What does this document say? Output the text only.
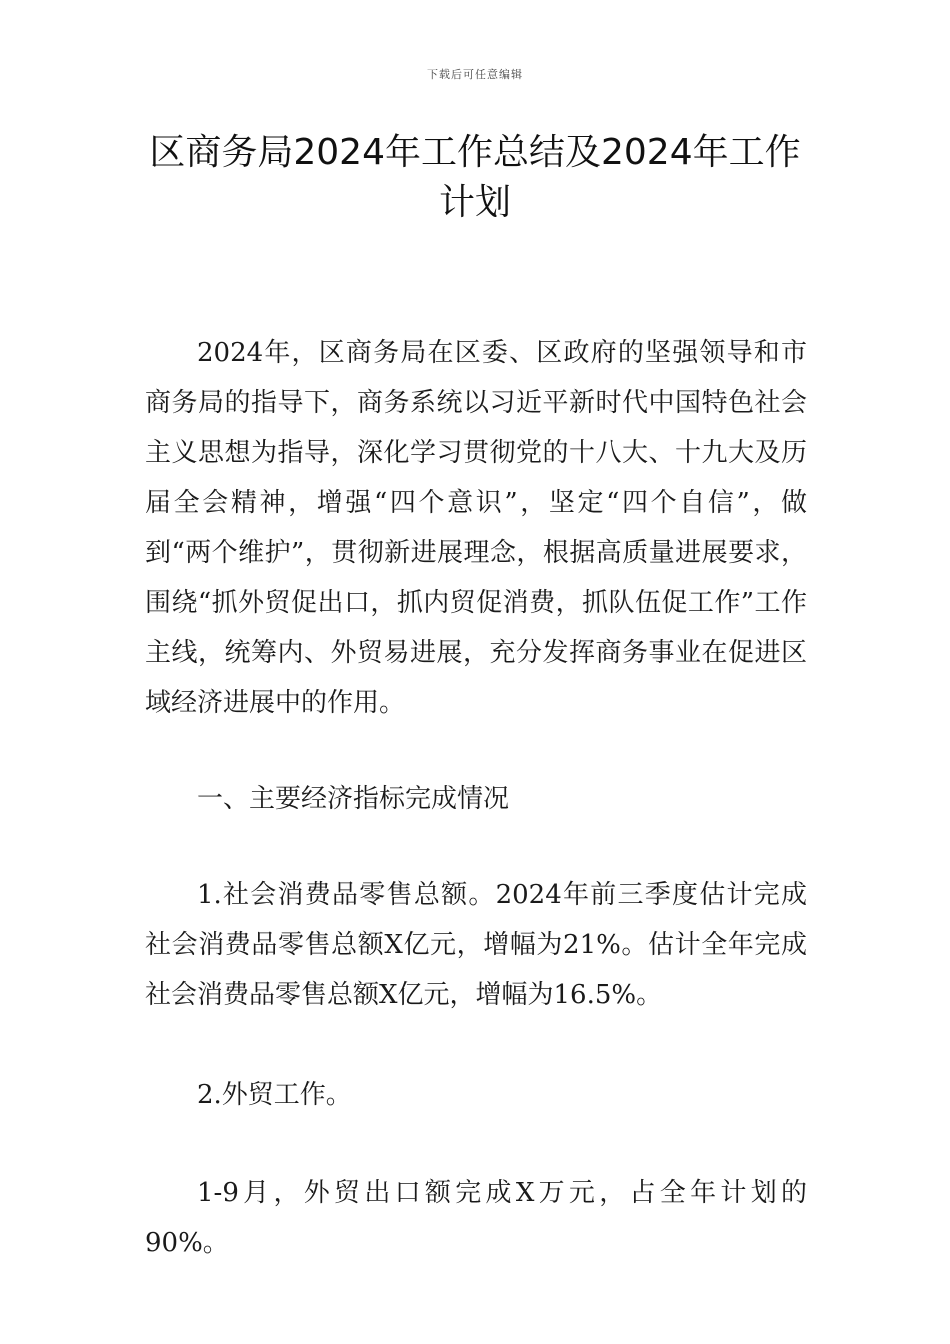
下载后可任意编辑
区商务局2024年工作总结及2024年工作计划

2024年，区商务局在区委、区政府的坚强领导和市商务局的指导下，商务系统以习近平新时代中国特色社会主义思想为指导，深化学习贯彻党的十八大、十九大及历届全会精神，增强“四个意识”，坚定“四个自信”，做到“两个维护”，贯彻新进展理念，根据高质量进展要求，围绕“抓外贸促出口，抓内贸促消费，抓队伍促工作”工作主线，统筹内、外贸易进展，充分发挥商务事业在促进区域经济进展中的作用。

一、主要经济指标完成情况

1.社会消费品零售总额。2024年前三季度估计完成社会消费品零售总额X亿元，增幅为21%。估计全年完成社会消费品零售总额X亿元，增幅为16.5%。

2.外贸工作。

1-9月，外贸出口额完成X万元，占全年计划的90%。
